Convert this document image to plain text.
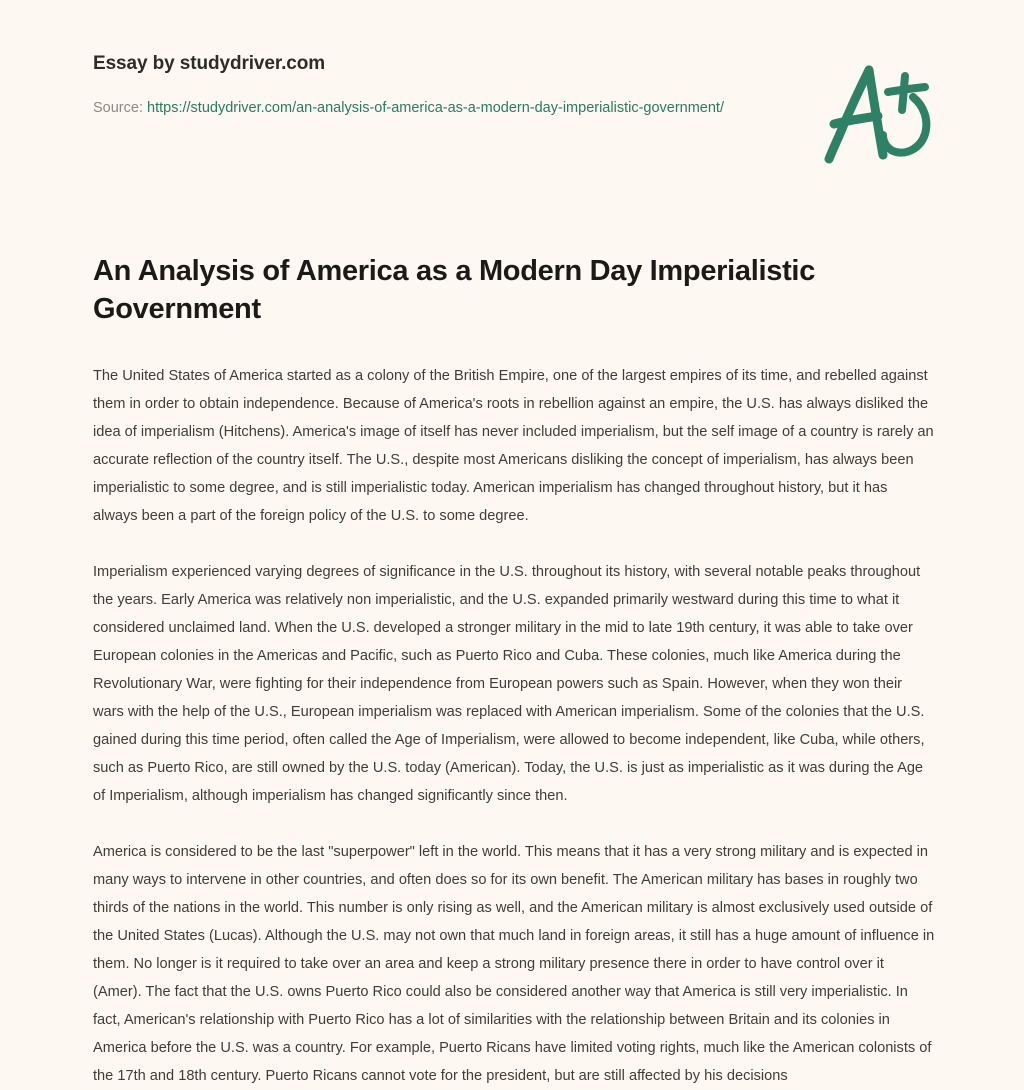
Essay by studydriver.com
Source: https://studydriver.com/an-analysis-of-america-as-a-modern-day-imperialistic-government/
An Analysis of America as a Modern Day Imperialistic Government

The United States of America started as a colony of the British Empire, one of the largest empires of its time, and rebelled against them in order to obtain independence. Because of America's roots in rebellion against an empire, the U.S. has always disliked the idea of imperialism (Hitchens). America's image of itself has never included imperialism, but the self image of a country is rarely an accurate reflection of the country itself. The U.S., despite most Americans disliking the concept of imperialism, has always been imperialistic to some degree, and is still imperialistic today. American imperialism has changed throughout history, but it has always been a part of the foreign policy of the U.S. to some degree.

Imperialism experienced varying degrees of significance in the U.S. throughout its history, with several notable peaks throughout the years. Early America was relatively non imperialistic, and the U.S. expanded primarily westward during this time to what it considered unclaimed land. When the U.S. developed a stronger military in the mid to late 19th century, it was able to take over European colonies in the Americas and Pacific, such as Puerto Rico and Cuba. These colonies, much like America during the Revolutionary War, were fighting for their independence from European powers such as Spain. However, when they won their wars with the help of the U.S., European imperialism was replaced with American imperialism. Some of the colonies that the U.S. gained during this time period, often called the Age of Imperialism, were allowed to become independent, like Cuba, while others, such as Puerto Rico, are still owned by the U.S. today (American). Today, the U.S. is just as imperialistic as it was during the Age of Imperialism, although imperialism has changed significantly since then.

America is considered to be the last "superpower" left in the world. This means that it has a very strong military and is expected in many ways to intervene in other countries, and often does so for its own benefit. The American military has bases in roughly two thirds of the nations in the world. This number is only rising as well, and the American military is almost exclusively used outside of the United States (Lucas). Although the U.S. may not own that much land in foreign areas, it still has a huge amount of influence in them. No longer is it required to take over an area and keep a strong military presence there in order to have control over it (Amer). The fact that the U.S. owns Puerto Rico could also be considered another way that America is still very imperialistic. In fact, American's relationship with Puerto Rico has a lot of similarities with the relationship between Britain and its colonies in America before the U.S. was a country. For example, Puerto Ricans have limited voting rights, much like the American colonists of the 17th and 18th century. Puerto Ricans cannot vote for the president, but are still affected by his decisions
